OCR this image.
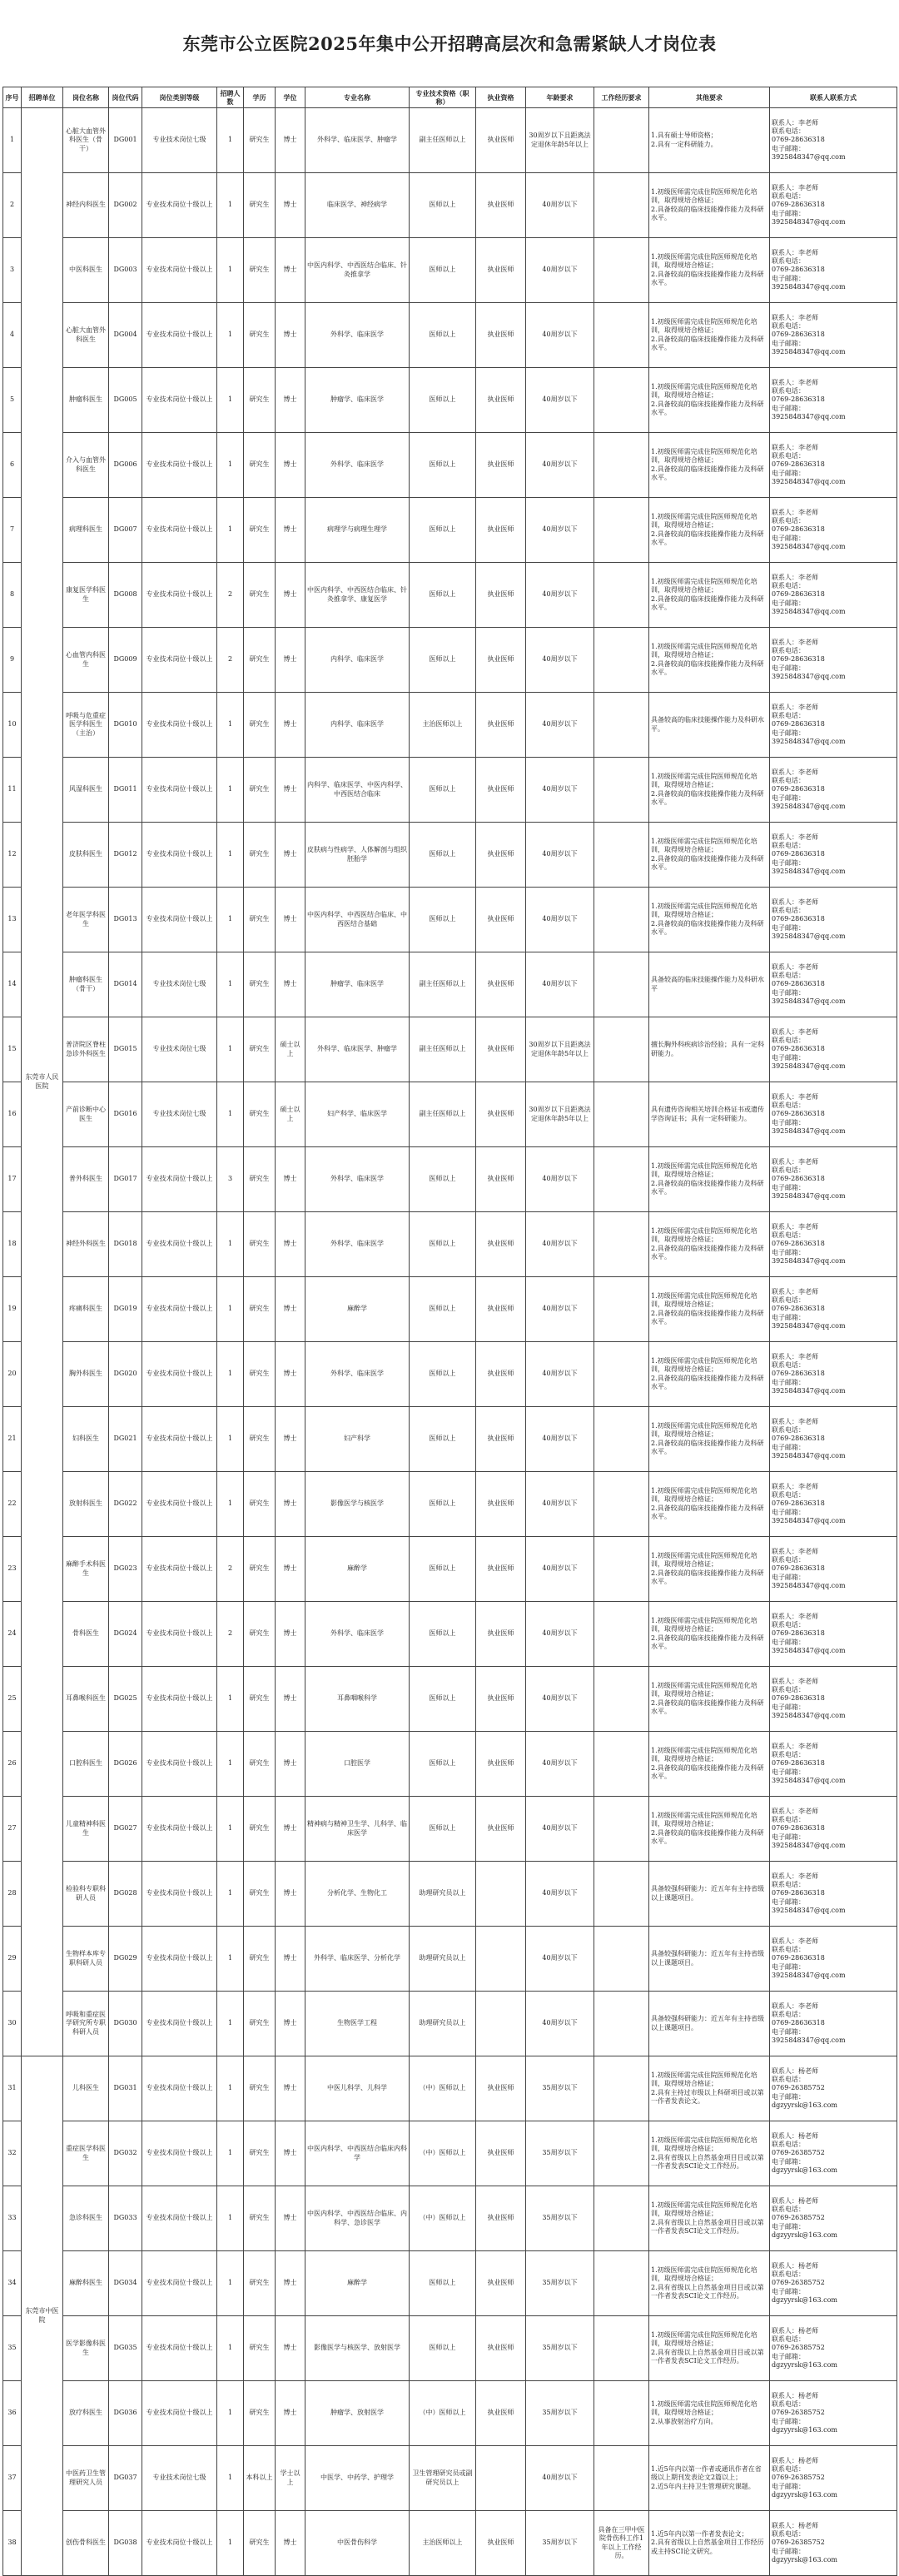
东莞市公立医院2025年集中公开招聘高层次和急需紧缺人才岗位表
序号	招聘单位	岗位名称	岗位代码	岗位类别等级	招聘人数	学历	学位	专业名称	专业技术资格（职称）	执业资格	年龄要求	工作经历要求	其他要求	联系人联系方式

1	东莞市人民医院	心脏大血管外科医生（骨干）	DG001	专业技术岗位七级	1	研究生	博士	外科学、临床医学、肿瘤学	副主任医师以上	执业医师	30周岁以下且距离法定退休年龄5年以上		1.具有硕士导师资格；
2.具有一定科研能力。	联系人：李老师
联系电话：
0769-28636318
电子邮箱：
3925848347@qq.com

2		神经内科医生	DG002	专业技术岗位十级以上	1	研究生	博士	临床医学、神经病学	医师以上	执业医师	40周岁以下		1.初级医师需完成住院医师规范化培训，取得规培合格证；
2.具备较高的临床技能操作能力及科研水平。	联系人：李老师
联系电话：
0769-28636318
电子邮箱：
3925848347@qq.com

3		中医科医生	DG003	专业技术岗位十级以上	1	研究生	博士	中医内科学、中西医结合临床、针灸推拿学	医师以上	执业医师	40周岁以下		1.初级医师需完成住院医师规范化培训，取得规培合格证；
2.具备较高的临床技能操作能力及科研水平。	联系人：李老师
联系电话：
0769-28636318
电子邮箱：
3925848347@qq.com

4		心脏大血管外科医生	DG004	专业技术岗位十级以上	1	研究生	博士	外科学、临床医学	医师以上	执业医师	40周岁以下		1.初级医师需完成住院医师规范化培训，取得规培合格证；
2.具备较高的临床技能操作能力及科研水平。	联系人：李老师
联系电话：
0769-28636318
电子邮箱：
3925848347@qq.com

5		肿瘤科医生	DG005	专业技术岗位十级以上	1	研究生	博士	肿瘤学、临床医学	医师以上	执业医师	40周岁以下		1.初级医师需完成住院医师规范化培训，取得规培合格证；
2.具备较高的临床技能操作能力及科研水平。	联系人：李老师
联系电话：
0769-28636318
电子邮箱：
3925848347@qq.com

6		介入与血管外科医生	DG006	专业技术岗位十级以上	1	研究生	博士	外科学、临床医学	医师以上	执业医师	40周岁以下		1.初级医师需完成住院医师规范化培训，取得规培合格证；
2.具备较高的临床技能操作能力及科研水平。	联系人：李老师
联系电话：
0769-28636318
电子邮箱：
3925848347@qq.com

7		病理科医生	DG007	专业技术岗位十级以上	1	研究生	博士	病理学与病理生理学	医师以上	执业医师	40周岁以下		1.初级医师需完成住院医师规范化培训，取得规培合格证；
2.具备较高的临床技能操作能力及科研水平。	联系人：李老师
联系电话：
0769-28636318
电子邮箱：
3925848347@qq.com

8		康复医学科医生	DG008	专业技术岗位十级以上	2	研究生	博士	中医内科学、中西医结合临床、针灸推拿学、康复医学	医师以上	执业医师	40周岁以下		1.初级医师需完成住院医师规范化培训，取得规培合格证；
2.具备较高的临床技能操作能力及科研水平。	联系人：李老师
联系电话：
0769-28636318
电子邮箱：
3925848347@qq.com

9		心血管内科医生	DG009	专业技术岗位十级以上	2	研究生	博士	内科学、临床医学	医师以上	执业医师	40周岁以下		1.初级医师需完成住院医师规范化培训，取得规培合格证；
2.具备较高的临床技能操作能力及科研水平。	联系人：李老师
联系电话：
0769-28636318
电子邮箱：
3925848347@qq.com

10		呼吸与危重症医学科医生（主治）	DG010	专业技术岗位十级以上	1	研究生	博士	内科学、临床医学	主治医师以上	执业医师	40周岁以下		具备较高的临床技能操作能力及科研水平。	联系人：李老师
联系电话：
0769-28636318
电子邮箱：
3925848347@qq.com

11		风湿科医生	DG011	专业技术岗位十级以上	1	研究生	博士	内科学、临床医学、中医内科学、中西医结合临床	医师以上	执业医师	40周岁以下		1.初级医师需完成住院医师规范化培训，取得规培合格证；
2.具备较高的临床技能操作能力及科研水平。	联系人：李老师
联系电话：
0769-28636318
电子邮箱：
3925848347@qq.com

12		皮肤科医生	DG012	专业技术岗位十级以上	1	研究生	博士	皮肤病与性病学、人体解剖与组织胚胎学	医师以上	执业医师	40周岁以下		1.初级医师需完成住院医师规范化培训，取得规培合格证；
2.具备较高的临床技能操作能力及科研水平。	联系人：李老师
联系电话：
0769-28636318
电子邮箱：
3925848347@qq.com

13		老年医学科医生	DG013	专业技术岗位十级以上	1	研究生	博士	中医内科学、中西医结合临床、中西医结合基础	医师以上	执业医师	40周岁以下		1.初级医师需完成住院医师规范化培训，取得规培合格证；
2.具备较高的临床技能操作能力及科研水平。	联系人：李老师
联系电话：
0769-28636318
电子邮箱：
3925848347@qq.com

14		肿瘤科医生（骨干）	DG014	专业技术岗位七级	1	研究生	博士	肿瘤学、临床医学	副主任医师以上	执业医师	40周岁以下		具备较高的临床技能操作能力及科研水平	联系人：李老师
联系电话：
0769-28636318
电子邮箱：
3925848347@qq.com

15		普济院区脊柱急诊外科医生	DG015	专业技术岗位七级	1	研究生	硕士以上	外科学、临床医学、肿瘤学	副主任医师以上	执业医师	30周岁以下且距离法定退休年龄5年以上		擅长胸外科疾病诊治经验；具有一定科研能力。	联系人：李老师
联系电话：
0769-28636318
电子邮箱：
3925848347@qq.com

16		产前诊断中心医生	DG016	专业技术岗位七级	1	研究生	硕士以上	妇产科学、临床医学	副主任医师以上	执业医师	30周岁以下且距离法定退休年龄5年以上		具有遗传咨询相关培训合格证书或遗传学咨询证书；具有一定科研能力。	联系人：李老师
联系电话：
0769-28636318
电子邮箱：
3925848347@qq.com

17		普外科医生	DG017	专业技术岗位十级以上	3	研究生	博士	外科学、临床医学	医师以上	执业医师	40周岁以下		1.初级医师需完成住院医师规范化培训，取得规培合格证；
2.具备较高的临床技能操作能力及科研水平。	联系人：李老师
联系电话：
0769-28636318
电子邮箱：
3925848347@qq.com

18		神经外科医生	DG018	专业技术岗位十级以上	1	研究生	博士	外科学、临床医学	医师以上	执业医师	40周岁以下		1.初级医师需完成住院医师规范化培训，取得规培合格证；
2.具备较高的临床技能操作能力及科研水平。	联系人：李老师
联系电话：
0769-28636318
电子邮箱：
3925848347@qq.com

19		疼痛科医生	DG019	专业技术岗位十级以上	1	研究生	博士	麻醉学	医师以上	执业医师	40周岁以下		1.初级医师需完成住院医师规范化培训，取得规培合格证；
2.具备较高的临床技能操作能力及科研水平。	联系人：李老师
联系电话：
0769-28636318
电子邮箱：
3925848347@qq.com

20		胸外科医生	DG020	专业技术岗位十级以上	1	研究生	博士	外科学、临床医学	医师以上	执业医师	40周岁以下		1.初级医师需完成住院医师规范化培训，取得规培合格证；
2.具备较高的临床技能操作能力及科研水平。	联系人：李老师
联系电话：
0769-28636318
电子邮箱：
3925848347@qq.com

21		妇科医生	DG021	专业技术岗位十级以上	1	研究生	博士	妇产科学	医师以上	执业医师	40周岁以下		1.初级医师需完成住院医师规范化培训，取得规培合格证；
2.具备较高的临床技能操作能力及科研水平。	联系人：李老师
联系电话：
0769-28636318
电子邮箱：
3925848347@qq.com

22		放射科医生	DG022	专业技术岗位十级以上	1	研究生	博士	影像医学与核医学	医师以上	执业医师	40周岁以下		1.初级医师需完成住院医师规范化培训，取得规培合格证；
2.具备较高的临床技能操作能力及科研水平。	联系人：李老师
联系电话：
0769-28636318
电子邮箱：
3925848347@qq.com

23		麻醉手术科医生	DG023	专业技术岗位十级以上	2	研究生	博士	麻醉学	医师以上	执业医师	40周岁以下		1.初级医师需完成住院医师规范化培训，取得规培合格证；
2.具备较高的临床技能操作能力及科研水平。	联系人：李老师
联系电话：
0769-28636318
电子邮箱：
3925848347@qq.com

24		骨科医生	DG024	专业技术岗位十级以上	2	研究生	博士	外科学、临床医学	医师以上	执业医师	40周岁以下		1.初级医师需完成住院医师规范化培训，取得规培合格证；
2.具备较高的临床技能操作能力及科研水平。	联系人：李老师
联系电话：
0769-28636318
电子邮箱：
3925848347@qq.com

25		耳鼻喉科医生	DG025	专业技术岗位十级以上	1	研究生	博士	耳鼻咽喉科学	医师以上	执业医师	40周岁以下		1.初级医师需完成住院医师规范化培训，取得规培合格证；
2.具备较高的临床技能操作能力及科研水平。	联系人：李老师
联系电话：
0769-28636318
电子邮箱：
3925848347@qq.com

26		口腔科医生	DG026	专业技术岗位十级以上	1	研究生	博士	口腔医学	医师以上	执业医师	40周岁以下		1.初级医师需完成住院医师规范化培训，取得规培合格证；
2.具备较高的临床技能操作能力及科研水平。	联系人：李老师
联系电话：
0769-28636318
电子邮箱：
3925848347@qq.com

27		儿童精神科医生	DG027	专业技术岗位十级以上	1	研究生	博士	精神病与精神卫生学、儿科学、临床医学	医师以上	执业医师	40周岁以下		1.初级医师需完成住院医师规范化培训，取得规培合格证；
2.具备较高的临床技能操作能力及科研水平。	联系人：李老师
联系电话：
0769-28636318
电子邮箱：
3925848347@qq.com

28		检验科专职科研人员	DG028	专业技术岗位十级以上	1	研究生	博士	分析化学、生物化工	助理研究员以上		40周岁以下		具备较强科研能力：近五年有主持省级以上课题项目。	联系人：李老师
联系电话：
0769-28636318
电子邮箱：
3925848347@qq.com

29		生物样本库专职科研人员	DG029	专业技术岗位十级以上	1	研究生	博士	外科学、临床医学、分析化学	助理研究员以上		40周岁以下		具备较强科研能力：近五年有主持省级以上课题项目。	联系人：李老师
联系电话：
0769-28636318
电子邮箱：
3925848347@qq.com

30		呼吸和重症医学研究所专职科研人员	DG030	专业技术岗位十级以上	1	研究生	博士	生物医学工程	助理研究员以上		40周岁以下		具备较强科研能力：近五年有主持省级以上课题项目。	联系人：李老师
联系电话：
0769-28636318
电子邮箱：
3925848347@qq.com

31	东莞市中医院	儿科医生	DG031	专业技术岗位十级以上	1	研究生	博士	中医儿科学、儿科学	（中）医师以上	执业医师	35周岁以下		1.初级医师需完成住院医师规范化培训，取得规培合格证；
2.具有主持过市级以上科研项目或以第一作者发表论文。	联系人：杨老师
联系电话：
0769-26385752
电子邮箱：
dgzyyrsk@163.com

32		重症医学科医生	DG032	专业技术岗位十级以上	1	研究生	博士	中医内科学、中西医结合临床内科学	（中）医师以上	执业医师	35周岁以下		1.初级医师需完成住院医师规范化培训，取得规培合格证；
2.具有省级以上自然基金项目目或以第一作者发表SCI论文工作经历。	联系人：杨老师
联系电话：
0769-26385752
电子邮箱：
dgzyyrsk@163.com

33		急诊科医生	DG033	专业技术岗位十级以上	1	研究生	博士	中医内科学、中西医结合临床、内科学、急诊医学	（中）医师以上	执业医师	35周岁以下		1.初级医师需完成住院医师规范化培训，取得规培合格证；
2.具有省级以上自然基金项目目或以第一作者发表SCI论文工作经历。	联系人：杨老师
联系电话：
0769-26385752
电子邮箱：
dgzyyrsk@163.com

34		麻醉科医生	DG034	专业技术岗位十级以上	1	研究生	博士	麻醉学	医师以上	执业医师	35周岁以下		1.初级医师需完成住院医师规范化培训，取得规培合格证；
2.具有省级以上自然基金项目目或以第一作者发表SCI论文工作经历。	联系人：杨老师
联系电话：
0769-26385752
电子邮箱：
dgzyyrsk@163.com

35		医学影像科医生	DG035	专业技术岗位十级以上	1	研究生	博士	影像医学与核医学、放射医学	医师以上	执业医师	35周岁以下		1.初级医师需完成住院医师规范化培训，取得规培合格证；
2.具有省级以上自然基金项目目或以第一作者发表SCI论文工作经历。	联系人：杨老师
联系电话：
0769-26385752
电子邮箱：
dgzyyrsk@163.com

36		放疗科医生	DG036	专业技术岗位十级以上	1	研究生	博士	肿瘤学、放射医学	（中）医师以上	执业医师	35周岁以下		1.初级医师需完成住院医师规范化培训，取得规培合格证；
2.从事放射治疗方向。	联系人：杨老师
联系电话：
0769-26385752
电子邮箱：
dgzyyrsk@163.com

37		中医药卫生管理研究人员	DG037	专业技术岗位七级	1	本科以上	学士以上	中医学、中药学、护理学	卫生管理研究员或副研究员以上		40周岁以下		1.近5年内以第一作者或通讯作者在省级以上期刊发表论文2篇以上；
2.近5年内主持卫生管理研究课题。	联系人：杨老师
联系电话：
0769-26385752
电子邮箱：
dgzyyrsk@163.com

38		创伤骨科医生	DG038	专业技术岗位十级以上	1	研究生	博士	中医骨伤科学	主治医师以上	执业医师	35周岁以下	具备在三甲中医院骨伤科工作1年以上工作经历。	1.近5年内以第一作者发表论文；
2.具有省级以上自然基金项目工作经历或主持SCI论文研究。	联系人：杨老师
联系电话：
0769-26385752
电子邮箱：
dgzyyrsk@163.com
